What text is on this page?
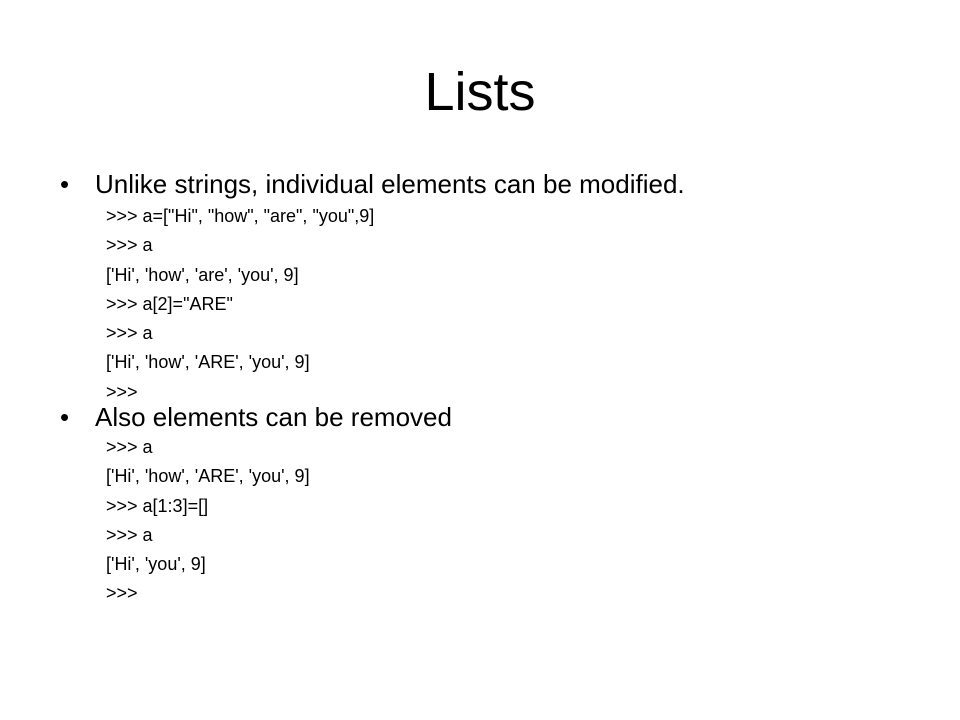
Lists
• Unlike strings, individual elements can be modified.
>>> a=["Hi", "how", "are", "you",9]
>>> a
['Hi', 'how', 'are', 'you', 9]
>>> a[2]="ARE"
>>> a
['Hi', 'how', 'ARE', 'you', 9]
>>>
• Also elements can be removed
>>> a
['Hi', 'how', 'ARE', 'you', 9]
>>> a[1:3]=[]
>>> a
['Hi', 'you', 9]
>>>
